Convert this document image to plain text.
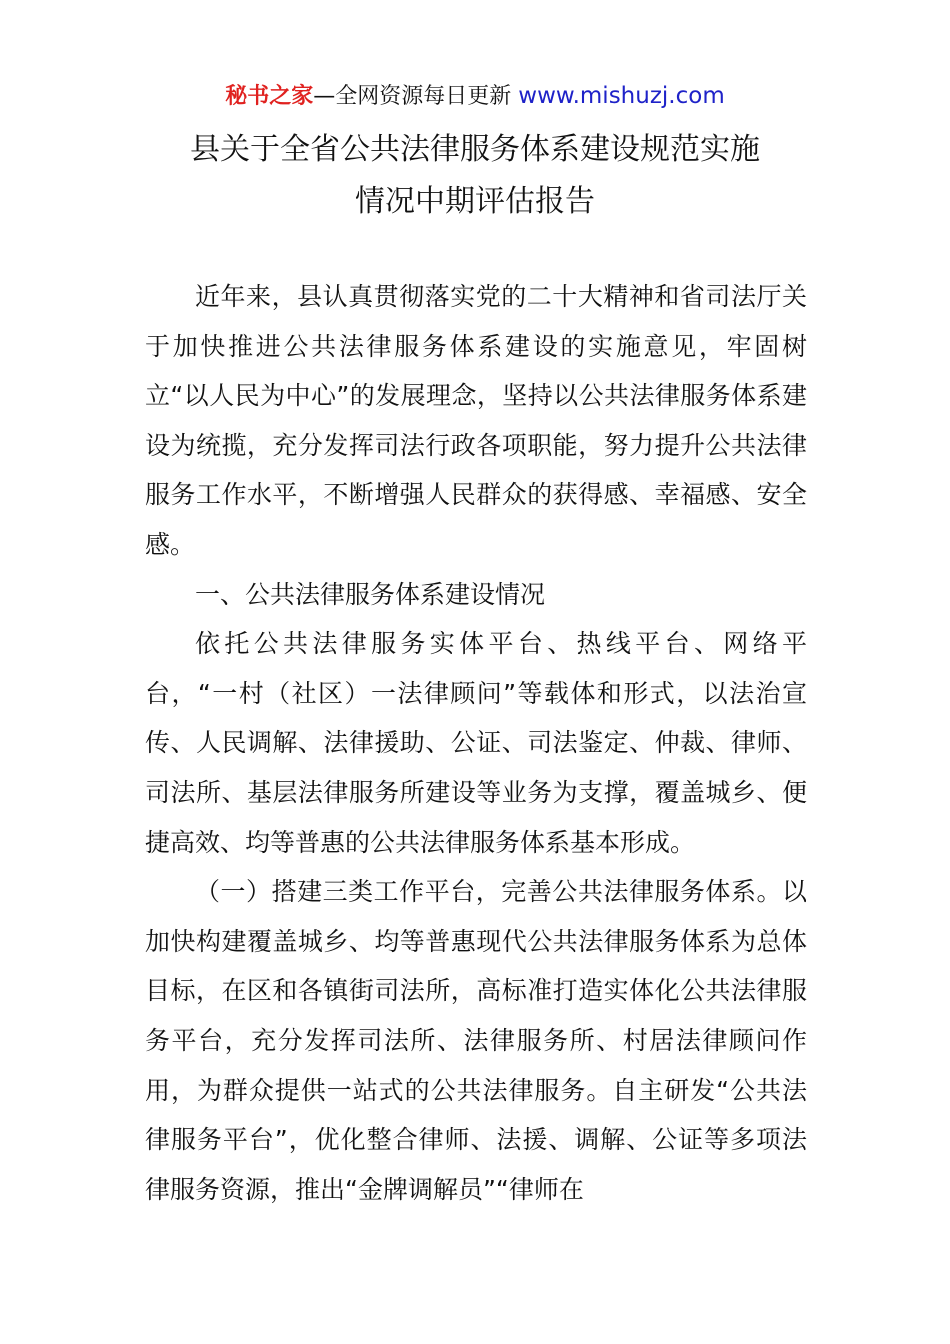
秘书之家—全网资源每日更新 www.mishuzj.com
县关于全省公共法律服务体系建设规范实施
情况中期评估报告

近年来，县认真贯彻落实党的二十大精神和省司法厅关于加快推进公共法律服务体系建设的实施意见，牢固树立“以人民为中心”的发展理念，坚持以公共法律服务体系建设为统揽，充分发挥司法行政各项职能，努力提升公共法律服务工作水平，不断增强人民群众的获得感、幸福感、安全感。

一、公共法律服务体系建设情况

依托公共法律服务实体平台、热线平台、网络平台，“一村（社区）一法律顾问”等载体和形式，以法治宣传、人民调解、法律援助、公证、司法鉴定、仲裁、律师、司法所、基层法律服务所建设等业务为支撑，覆盖城乡、便捷高效、均等普惠的公共法律服务体系基本形成。

（一）搭建三类工作平台，完善公共法律服务体系。以加快构建覆盖城乡、均等普惠现代公共法律服务体系为总体目标，在区和各镇街司法所，高标准打造实体化公共法律服务平台，充分发挥司法所、法律服务所、村居法律顾问作用，为群众提供一站式的公共法律服务。自主研发“公共法律服务平台”，优化整合律师、法援、调解、公证等多项法律服务资源，推出“金牌调解员”“律师在
